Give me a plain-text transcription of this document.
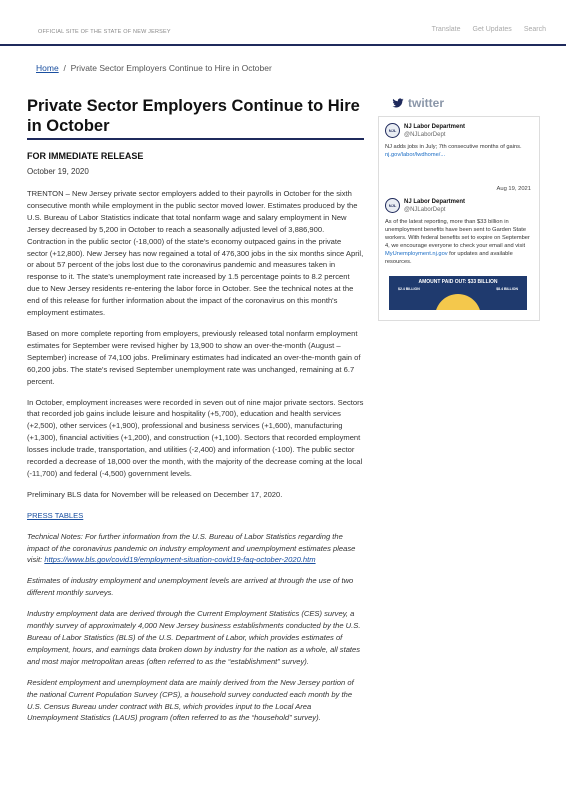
OFFICIAL SITE OF THE STATE OF NEW JERSEY	Translate Get Updates Search
Home / Private Sector Employers Continue to Hire in October
Private Sector Employers Continue to Hire in October
FOR IMMEDIATE RELEASE
October 19, 2020

TRENTON – New Jersey private sector employers added to their payrolls in October for the sixth consecutive month while employment in the public sector moved lower. Estimates produced by the U.S. Bureau of Labor Statistics indicate that total nonfarm wage and salary employment in New Jersey decreased by 5,200 in October to reach a seasonally adjusted level of 3,886,900. Contraction in the public sector (-18,000) of the state's economy outpaced gains in the private sector (+12,800). New Jersey has now regained a total of 476,300 jobs in the six months since April, or about 57 percent of the jobs lost due to the coronavirus pandemic and measures taken in response to it. The state's unemployment rate increased by 1.5 percentage points to 8.2 percent due to New Jersey residents re-entering the labor force in October. See the technical notes at the end of this release for further information about the impact of the coronavirus on this month's employment estimates.

Based on more complete reporting from employers, previously released total nonfarm employment estimates for September were revised higher by 13,900 to show an over-the-month (August – September) increase of 74,100 jobs. Preliminary estimates had indicated an over-the-month gain of 60,200 jobs. The state's revised September unemployment rate was unchanged, remaining at 6.7 percent.

In October, employment increases were recorded in seven out of nine major private sectors. Sectors that recorded job gains include leisure and hospitality (+5,700), education and health services (+2,500), other services (+1,900), professional and business services (+1,600), manufacturing (+1,300), financial activities (+1,200), and construction (+1,100). Sectors that recorded employment losses include trade, transportation, and utilities (-2,400) and information (-100). The public sector recorded a decrease of 18,000 over the month, with the majority of the decrease coming at the local (-11,700) and federal (-4,500) government levels.

Preliminary BLS data for November will be released on December 17, 2020.

PRESS TABLES

Technical Notes: For further information from the U.S. Bureau of Labor Statistics regarding the impact of the coronavirus pandemic on industry employment and unemployment estimates please visit: https://www.bls.gov/covid19/employment-situation-covid19-faq-october-2020.htm

Estimates of industry employment and unemployment levels are arrived at through the use of two different monthly surveys.

Industry employment data are derived through the Current Employment Statistics (CES) survey, a monthly survey of approximately 4,000 New Jersey business establishments conducted by the U.S. Bureau of Labor Statistics (BLS) of the U.S. Department of Labor, which provides estimates of employment, hours, and earnings data broken down by industry for the nation as a whole, all states and most major metropolitan areas (often referred to as the “establishment” survey).

Resident employment and unemployment data are mainly derived from the New Jersey portion of the national Current Population Survey (CPS), a household survey conducted each month by the U.S. Census Bureau under contract with BLS, which provides input to the Local Area Unemployment Statistics (LAUS) program (often referred to as the “household” survey).

twitter
NJL
NJ Labor Department
@NJLaborDept
NJ adds jobs in July; 7th consecutive months of gains. nj.gov/labor/lwdhome/...
Aug 19, 2021
NJL
NJ Labor Department
@NJLaborDept
As of the latest reporting, more than $33 billion in unemployment benefits have been sent to Garden State workers. With federal benefits set to expire on September 4, we encourage everyone to check your email and visit MyUnemployment.nj.gov for updates and available resources.
AMOUNT PAID OUT: $33 BILLION
$2.4 BILLION	$8.4 BILLION
